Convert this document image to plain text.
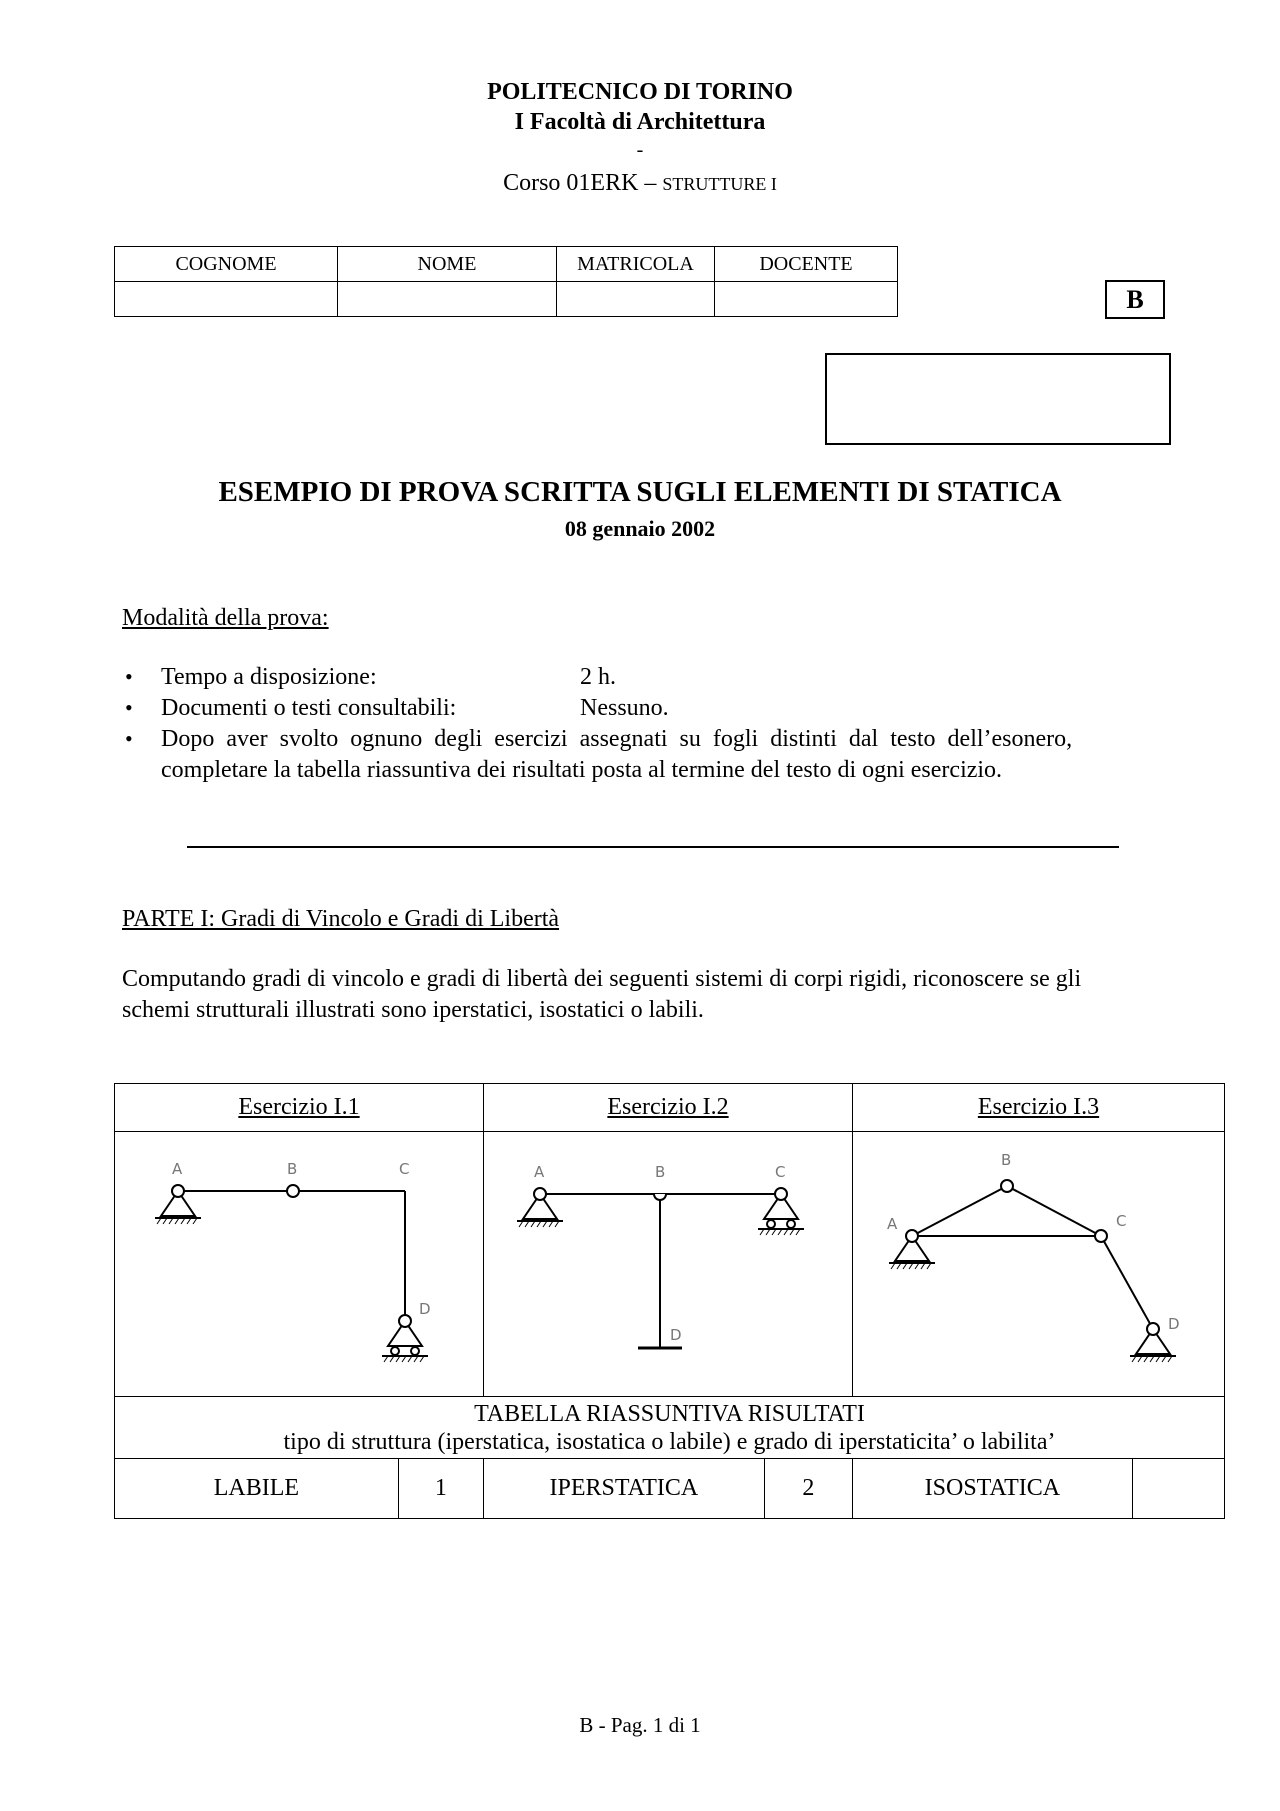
POLITECNICO DI TORINO
I Facoltà di Architettura
-
Corso 01ERK – STRUTTURE I
COGNOME	NOME	MATRICOLA	DOCENTE

B
ESEMPIO DI PROVA SCRITTA SUGLI ELEMENTI DI STATICA
08 gennaio 2002
Modalità della prova:
• Tempo a disposizione:	2 h.
• Documenti o testi consultabili:	Nessuno.
• Dopo  aver  svolto  ognuno  degli  esercizi  assegnati  su  fogli  distinti  dal  testo  dell’esonero,
completare la tabella riassuntiva dei risultati posta al termine del testo di ogni esercizio.
PARTE I: Gradi di Vincolo e Gradi di Libertà
Computando gradi di vincolo e gradi di libertà dei seguenti sistemi di corpi rigidi, riconoscere se gli
schemi strutturali illustrati sono iperstatici, isostatici o labili.
Esercizio I.1		Esercizio I.2		Esercizio I.3	

A B C
D		A B C
D		A
B
C
D	

TABELLA RIASSUNTIVA RISULTATI
tipo di struttura (iperstatica, isostatica o labile) e grado di iperstaticita’ o labilita’					

LABILE	1	IPERSTATICA	2	ISOSTATICA	
B - Pag. 1 di 1
